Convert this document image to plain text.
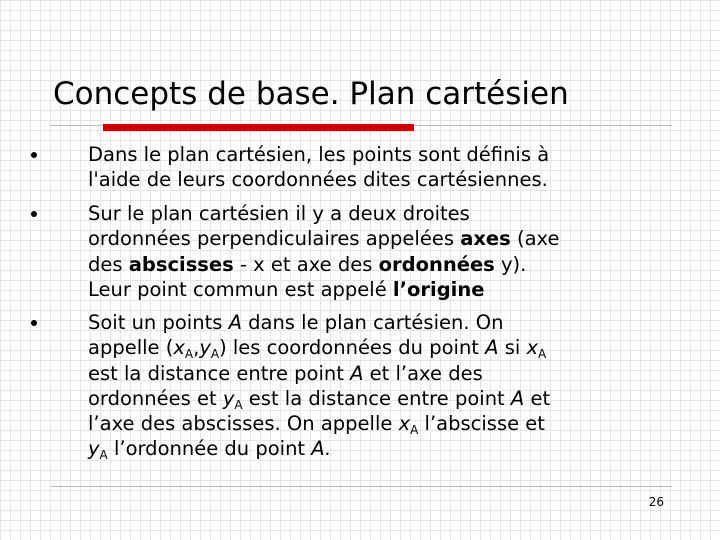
Concepts de base. Plan cartésien

Dans le plan cartésien, les points sont définis à

l'aide de leurs coordonnées dites cartésiennes.

Sur le plan cartésien il y a deux droites

ordonnées perpendiculaires appelées axes (axe

des abscisses - x et axe des ordonnées y).

Leur point commun est appelé l’origine

Soit un points A dans le plan cartésien. On

appelle $(x_A,y_A)$ les coordonnées du point A si $x_A$

est la distance entre point A et l’axe des

ordonnées et $y_A$ est la distance entre point A et

l’axe des abscisses. On appelle $x_A$ l’abscisse et

$y_A$ l’ordonnée du point A.

26
